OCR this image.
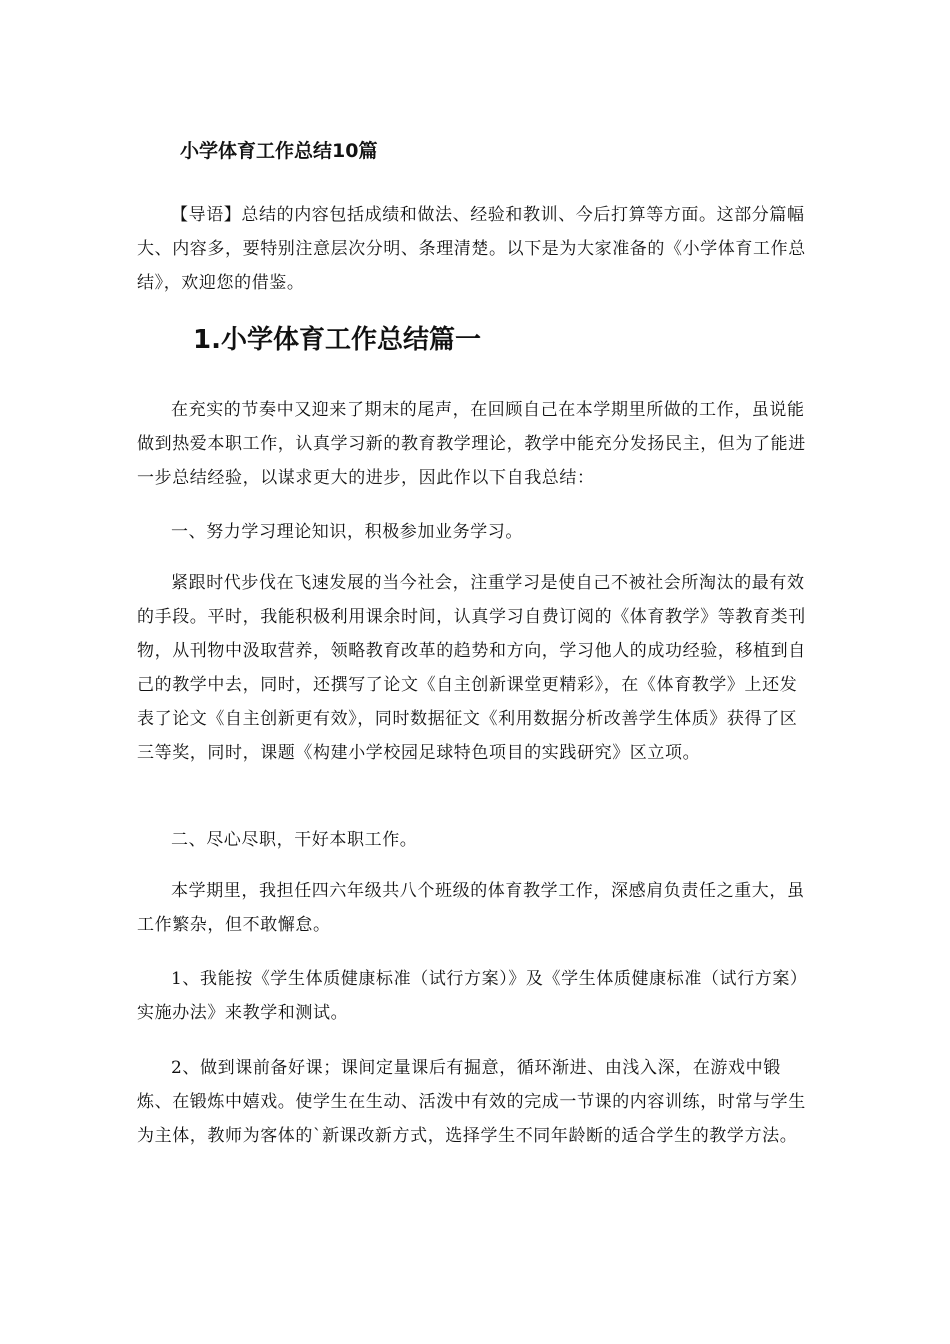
小学体育工作总结10篇

【导语】总结的内容包括成绩和做法、经验和教训、今后打算等方面。这部分篇幅大、内容多，要特别注意层次分明、条理清楚。以下是为大家准备的《小学体育工作总结》，欢迎您的借鉴。

1.小学体育工作总结篇一

在充实的节奏中又迎来了期末的尾声，在回顾自己在本学期里所做的工作，虽说能做到热爱本职工作，认真学习新的教育教学理论，教学中能充分发扬民主，但为了能进一步总结经验，以谋求更大的进步，因此作以下自我总结：

一、努力学习理论知识，积极参加业务学习。

紧跟时代步伐在飞速发展的当今社会，注重学习是使自己不被社会所淘汰的最有效的手段。平时，我能积极利用课余时间，认真学习自费订阅的《体育教学》等教育类刊物，从刊物中汲取营养，领略教育改革的趋势和方向，学习他人的成功经验，移植到自己的教学中去，同时，还撰写了论文《自主创新课堂更精彩》，在《体育教学》上还发表了论文《自主创新更有效》，同时数据征文《利用数据分析改善学生体质》获得了区三等奖，同时，课题《构建小学校园足球特色项目的实践研究》区立项。

二、尽心尽职，干好本职工作。

本学期里，我担任四六年级共八个班级的体育教学工作，深感肩负责任之重大，虽工作繁杂，但不敢懈怠。

1、我能按《学生体质健康标准（试行方案）》及《学生体质健康标准（试行方案）实施办法》来教学和测试。

2、做到课前备好课；课间定量课后有掘意，循环渐进、由浅入深，在游戏中锻炼、在锻炼中嬉戏。使学生在生动、活泼中有效的完成一节课的内容训练，时常与学生为主体，教师为客体的`新课改新方式，选择学生不同年龄断的适合学生的教学方法。
